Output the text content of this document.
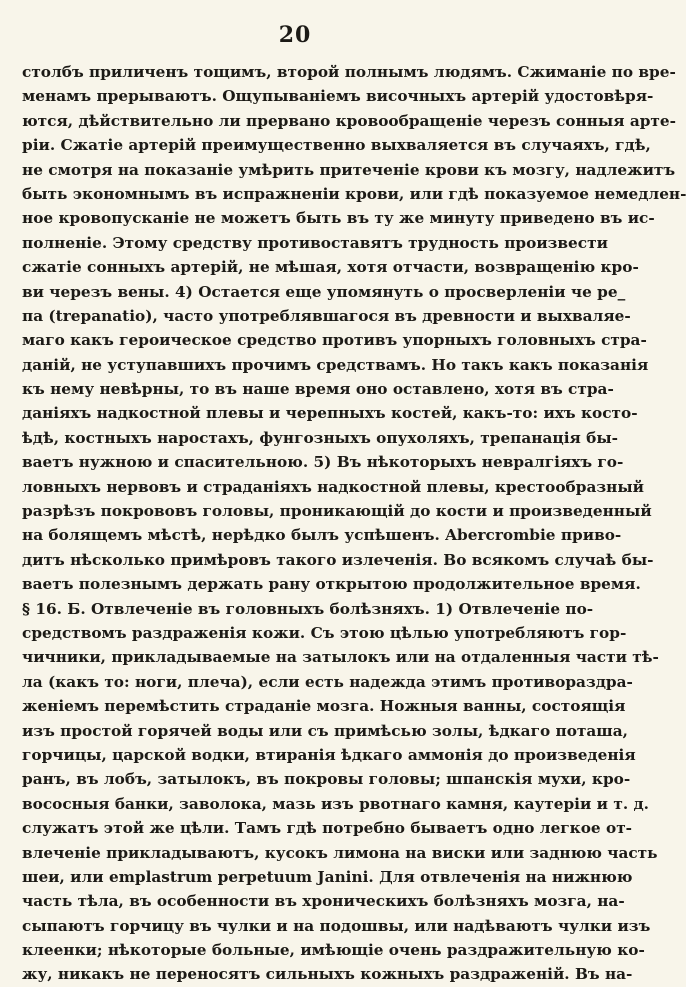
20
столбъ приличенъ тощимъ, второй полнымъ людямъ. Сжиманіе по вре-
менамъ прерываютъ. Ощупываніемъ височныхъ артерій удостовѣря-
ются, дѣйствительно ли прервано кровообращеніе черезъ сонныя арте-
ріи. Сжатіе артерій преимущественно выхваляется въ случаяхъ, гдѣ,
не смотря на показаніе умѣрить притеченіе крови къ мозгу, надлежитъ
быть экономнымъ въ испражненіи крови, или гдѣ показуемое немедлен-
ное кровопусканіе не можетъ быть въ ту же минуту приведено въ ис-
полненіе. Этому средству противоставятъ трудность произвести
сжатіе сонныхъ артерій, не мѣшая, хотя отчасти, возвращенію кро-
ви черезъ вены. 4) Остается еще упомянуть о просверленіи че ре_
па (trepanatio), часто употреблявшагося въ древности и выхваляе-
маго какъ героическое средство противъ упорныхъ головныхъ стра-
даній, не уступавшихъ прочимъ средствамъ. Но такъ какъ показанія
къ нему невѣрны, то въ наше время оно оставлено, хотя въ стра-
даніяхъ надкостной плевы и черепныхъ костей, какъ-то: ихъ косто-
ѣдѣ, костныхъ наростахъ, фунгозныхъ опухоляхъ, трепанація бы-
ваетъ нужною и спасительною. 5) Въ нѣкоторыхъ невралгіяхъ го-
ловныхъ нервовъ и страданіяхъ надкостной плевы, крестообразный
разрѣзъ покрововъ головы, проникающій до кости и произведенный
на болящемъ мѣстѣ, нерѣдко былъ успѣшенъ. Abercrombie приво-
дитъ нѣсколько примѣровъ такого излеченія. Во всякомъ случаѣ бы-
ваетъ полезнымъ держать рану открытою продолжительное время.
§ 16. Б. Отвлеченіе въ головныхъ болѣзняхъ. 1) Отвлеченіе по-
средствомъ раздраженія кожи. Съ этою цѣлью употребляютъ гор-
чичники, прикладываемые на затылокъ или на отдаленныя части тѣ-
ла (какъ то: ноги, плеча), если есть надежда этимъ противораздра-
женіемъ перемѣстить страданіе мозга. Ножныя ванны, состоящія
изъ простой горячей воды или съ примѣсью золы, ѣдкаго поташа,
горчицы, царской водки, втиранія ѣдкаго аммонія до произведенія
ранъ, въ лобъ, затылокъ, въ покровы головы; шпанскія мухи, кро-
вососныя банки, заволока, мазь изъ рвотнаго камня, каутеріи и т. д.
служатъ этой же цѣли. Тамъ гдѣ потребно бываетъ одно легкое от-
влеченіе прикладываютъ, кусокъ лимона на виски или заднюю часть
шеи, или emplastrum perpetuum Janini. Для отвлеченія на нижнюю
часть тѣла, въ особенности въ хроническихъ болѣзняхъ мозга, на-
сыпаютъ горчицу въ чулки и на подошвы, или надѣваютъ чулки изъ
клеенки; нѣкоторые больные, имѣющіе очень раздражительную ко-
жу, никакъ не переносятъ сильныхъ кожныхъ раздраженій. Въ на-
